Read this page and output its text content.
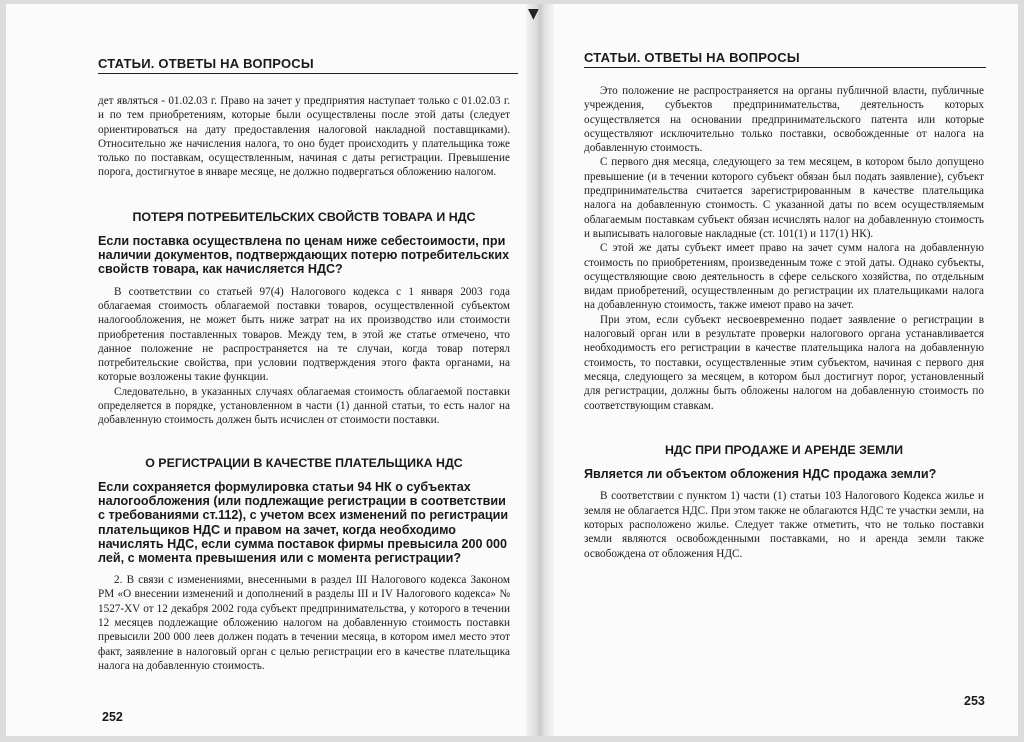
▼
СТАТЬИ. ОТВЕТЫ НА ВОПРОСЫ

дет являться - 01.02.03 г. Право на зачет у предприятия наступает только с 01.02.03 г. и по тем приобретениям, которые были осуществлены после этой даты (следует ориентироваться на дату предоставления налоговой накладной поставщиками). Относительно же начисления налога, то оно будет происходить у плательщика тоже только по поставкам, осуществленным, начиная с даты регистрации. Превышение порога, достигнутое в январе месяце, не должно подвергаться обложению налогом.

ПОТЕРЯ ПОТРЕБИТЕЛЬСКИХ СВОЙСТВ ТОВАРА И НДС
Если поставка осуществлена по ценам ниже себестоимости, при наличии документов, подтверждающих потерю потребительских свойств товара, как начисляется НДС?

В соответствии со статьей 97(4) Налогового кодекса с 1 января 2003 года облагаемая стоимость облагаемой поставки товаров, осуществленной субъектом налогообложения, не может быть ниже затрат на их производство или стоимости приобретения поставленных товаров. Между тем, в этой же статье отмечено, что данное положение не распространяется на те случаи, когда товар потерял потребительские свойства, при условии подтверждения этого факта органами, на которые возложены такие функции.

Следовательно, в указанных случаях облагаемая стоимость облагаемой поставки определяется в порядке, установленном в части (1) данной статьи, то есть налог на добавленную стоимость должен быть исчислен от стоимости поставки.

О РЕГИСТРАЦИИ В КАЧЕСТВЕ ПЛАТЕЛЬЩИКА НДС
Если сохраняется формулировка статьи 94 НК о субъектах налогообложения (или подлежащие регистрации в соответствии с требованиями ст.112), с учетом всех изменений по регистрации плательщиков НДС и правом на зачет, когда необходимо начислять НДС, если сумма поставок фирмы превысила 200 000 лей, с момента превышения или с момента регистрации?

2. В связи с изменениями, внесенными в раздел III Налогового кодекса Законом РМ «О внесении изменений и дополнений в разделы III и IV Налогового кодекса» № 1527-XV от 12 декабря 2002 года субъект предпринимательства, у которого в течении 12 месяцев подлежащие обложению налогом на добавленную стоимость поставки превысили 200 000 леев должен подать в течении месяца, в котором имел место этот факт, заявление в налоговый орган с целью регистрации его в качестве плательщика налога на добавленную стоимость.

252
СТАТЬИ. ОТВЕТЫ НА ВОПРОСЫ

Это положение не распространяется на органы публичной власти, публичные учреждения, субъектов предпринимательства, деятельность которых осуществляется на основании предпринимательского патента или которые осуществляют исключительно только поставки, освобожденные от налога на добавленную стоимость.

С первого дня месяца, следующего за тем месяцем, в котором было допущено превышение (и в течении которого субъект обязан был подать заявление), субъект предпринимательства считается зарегистрированным в качестве плательщика налога на добавленную стоимость. С указанной даты по всем осуществляемым облагаемым поставкам субъект обязан исчислять налог на добавленную стоимость и выписывать налоговые накладные (ст. 101(1) и 117(1) НК).

С этой же даты субъект имеет право на зачет сумм налога на добавленную стоимость по приобретениям, произведенным тоже с этой даты. Однако субъекты, осуществляющие свою деятельность в сфере сельского хозяйства, по отдельным видам приобретений, осуществленным до регистрации их плательщиками налога на добавленную стоимость, также имеют право на зачет.

При этом, если субъект несвоевременно подает заявление о регистрации в налоговый орган или в результате проверки налогового органа устанавливается необходимость его регистрации в качестве плательщика налога на добавленную стоимость, то поставки, осуществленные этим субъектом, начиная с первого дня месяца, следующего за месяцем, в котором был достигнут порог, установленный для регистрации, должны быть обложены налогом на добавленную стоимость по соответствующим ставкам.

НДС ПРИ ПРОДАЖЕ И АРЕНДЕ ЗЕМЛИ
Является ли объектом обложения НДС продажа земли?

В соответствии с пунктом 1) части (1) статьи 103 Налогового Кодекса жилье и земля не облагается НДС. При этом также не облагаются НДС те участки земли, на которых расположено жилье. Следует также отметить, что не только поставки земли являются освобожденными поставками, но и аренда земли также освобождена от обложения НДС.

253
